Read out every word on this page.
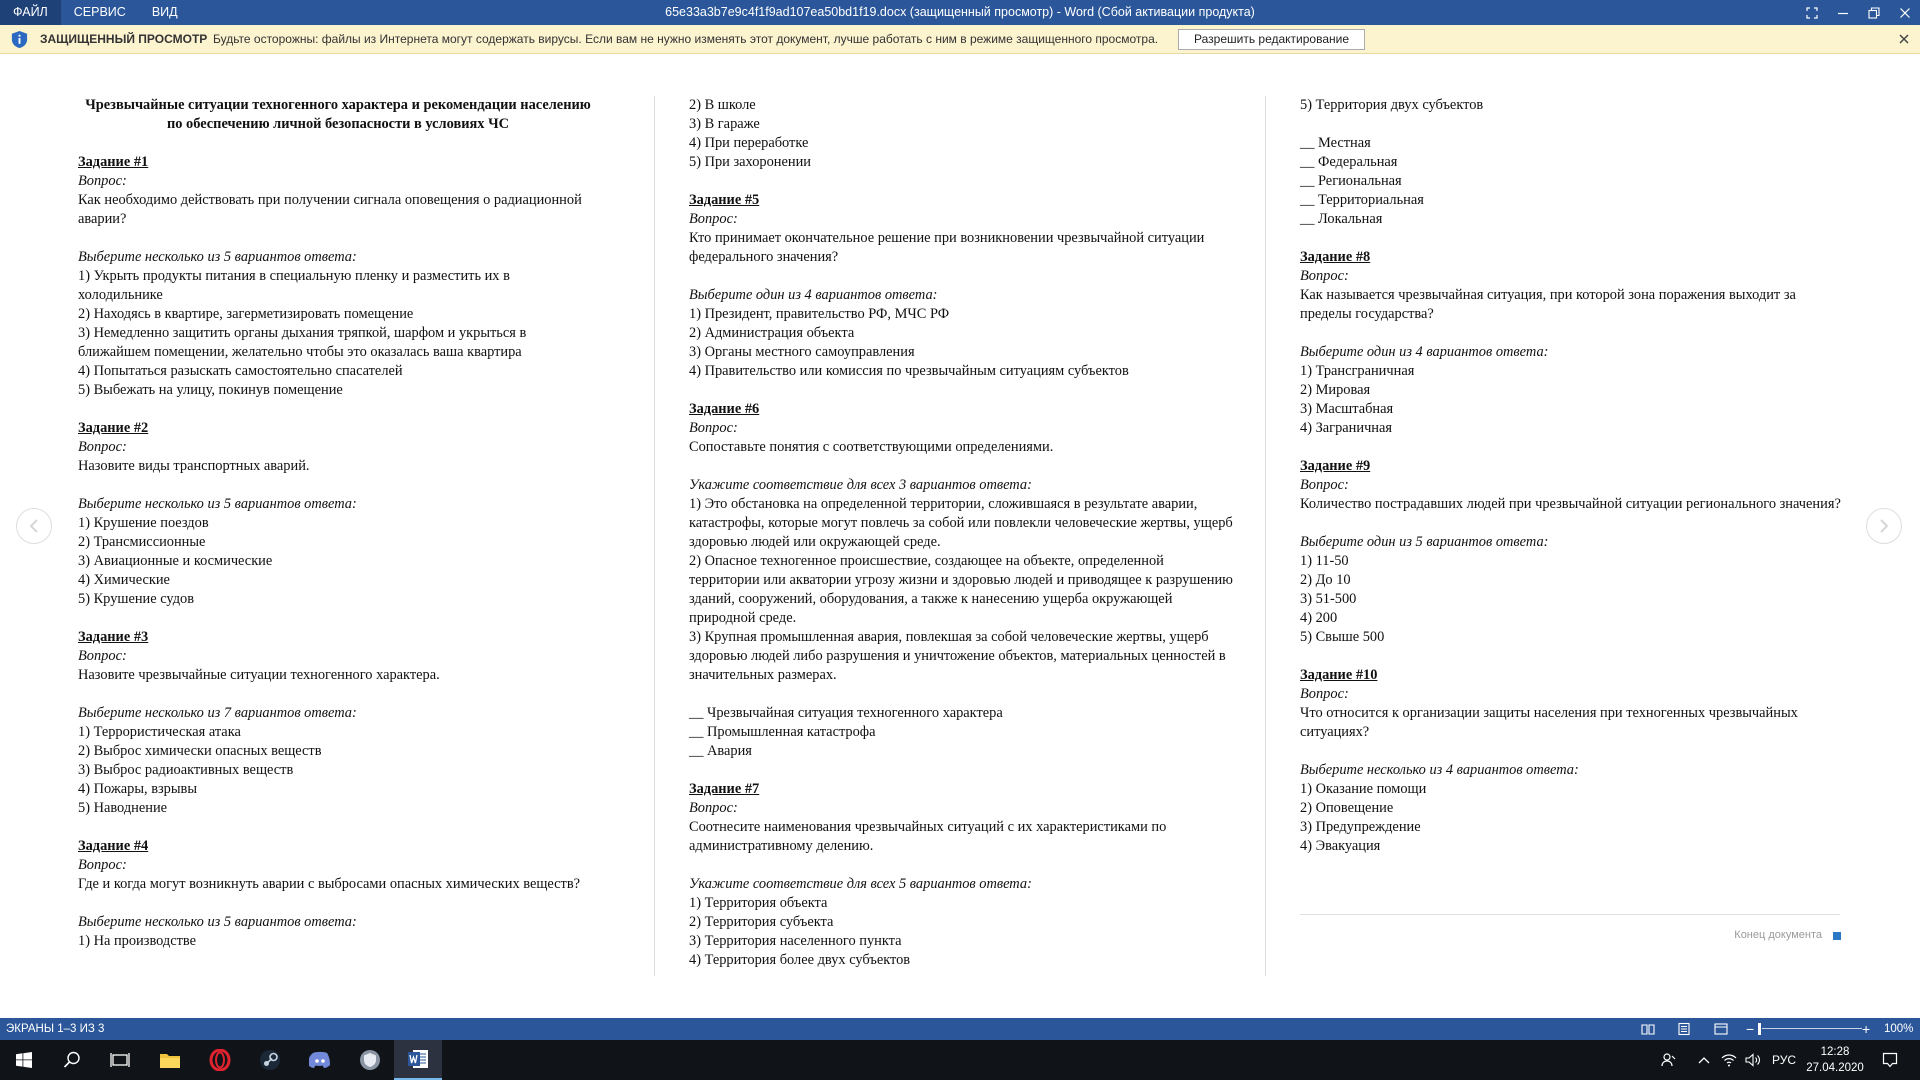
ФАЙЛ	СЕРВИС	ВИД	65e33a3b7e9c4f1f9ad107ea50bd1f19.docx (защищенный просмотр) - Word (Сбой активации продукта)
ЗАЩИЩЕННЫЙ ПРОСМОТР Будьте осторожны: файлы из Интернета могут содержать вирусы. Если вам не нужно изменять этот документ, лучше работать с ним в режиме защищенного просмотра.	Разрешить редактирование

Чрезвычайные ситуации техногенного характера и рекомендации населению по обеспечению личной безопасности в условиях ЧС

Задание #1

Вопрос:

Как необходимо действовать при получении сигнала оповещения о радиационной аварии?

Выберите несколько из 5 вариантов ответа:

1) Укрыть продукты питания в специальную пленку и разместить их в холодильнике

2) Находясь в квартире, загерметизировать помещение

3) Немедленно защитить органы дыхания тряпкой, шарфом и укрыться в ближайшем помещении, желательно чтобы это оказалась ваша квартира

4) Попытаться разыскать самостоятельно спасателей

5) Выбежать на улицу, покинув помещение

Задание #2

Вопрос:

Назовите виды транспортных аварий.

Выберите несколько из 5 вариантов ответа:

1) Крушение поездов

2) Трансмиссионные

3) Авиационные и космические

4) Химические

5) Крушение судов

Задание #3

Вопрос:

Назовите чрезвычайные ситуации техногенного характера.

Выберите несколько из 7 вариантов ответа:

1) Террористическая атака

2) Выброс химически опасных веществ

3) Выброс радиоактивных веществ

4) Пожары, взрывы

5) Наводнение

Задание #4

Вопрос:

Где и когда могут возникнуть аварии с выбросами опасных химических веществ?

Выберите несколько из 5 вариантов ответа:

1) На производстве

2) В школе

3) В гараже

4) При переработке

5) При захоронении

Задание #5

Вопрос:

Кто принимает окончательное решение при возникновении чрезвычайной ситуации федерального значения?

Выберите один из 4 вариантов ответа:

1) Президент, правительство РФ, МЧС РФ

2) Администрация объекта

3) Органы местного самоуправления

4) Правительство или комиссия по чрезвычайным ситуациям субъектов

Задание #6

Вопрос:

Сопоставьте понятия с соответствующими определениями.

Укажите соответствие для всех 3 вариантов ответа:

1) Это обстановка на определенной территории, сложившаяся в результате аварии, катастрофы, которые могут повлечь за собой или повлекли человеческие жертвы, ущерб здоровью людей или окружающей среде.

2) Опасное техногенное происшествие, создающее на объекте, определенной территории или акватории угрозу жизни и здоровью людей и приводящее к разрушению зданий, сооружений, оборудования, а также к нанесению ущерба окружающей природной среде.

3) Крупная промышленная авария, повлекшая за собой человеческие жертвы, ущерб здоровью людей либо разрушения и уничтожение объектов, материальных ценностей в значительных размерах.

__ Чрезвычайная ситуация техногенного характера

__ Промышленная катастрофа

__ Авария

Задание #7

Вопрос:

Соотнесите наименования чрезвычайных ситуаций с их характеристиками по административному делению.

Укажите соответствие для всех 5 вариантов ответа:

1) Территория объекта

2) Территория субъекта

3) Территория населенного пункта

4) Территория более двух субъектов

5) Территория двух субъектов

__ Местная

__ Федеральная

__ Региональная

__ Территориальная

__ Локальная

Задание #8

Вопрос:

Как называется чрезвычайная ситуация, при которой зона поражения выходит за пределы государства?

Выберите один из 4 вариантов ответа:

1) Трансграничная

2) Мировая

3) Масштабная

4) Заграничная

Задание #9

Вопрос:

Количество пострадавших людей при чрезвычайной ситуации регионального значения?

Выберите один из 5 вариантов ответа:

1) 11-50

2) До 10

3) 51-500

4) 200

5) Свыше 500

Задание #10

Вопрос:

Что относится к организации защиты населения при техногенных чрезвычайных ситуациях?

Выберите несколько из 4 вариантов ответа:

1) Оказание помощи

2) Оповещение

3) Предупреждение

4) Эвакуация

Конец документа
ЭКРАНЫ 1–3 ИЗ 3	−	+ 100%
РУС
12:28
27.04.2020
